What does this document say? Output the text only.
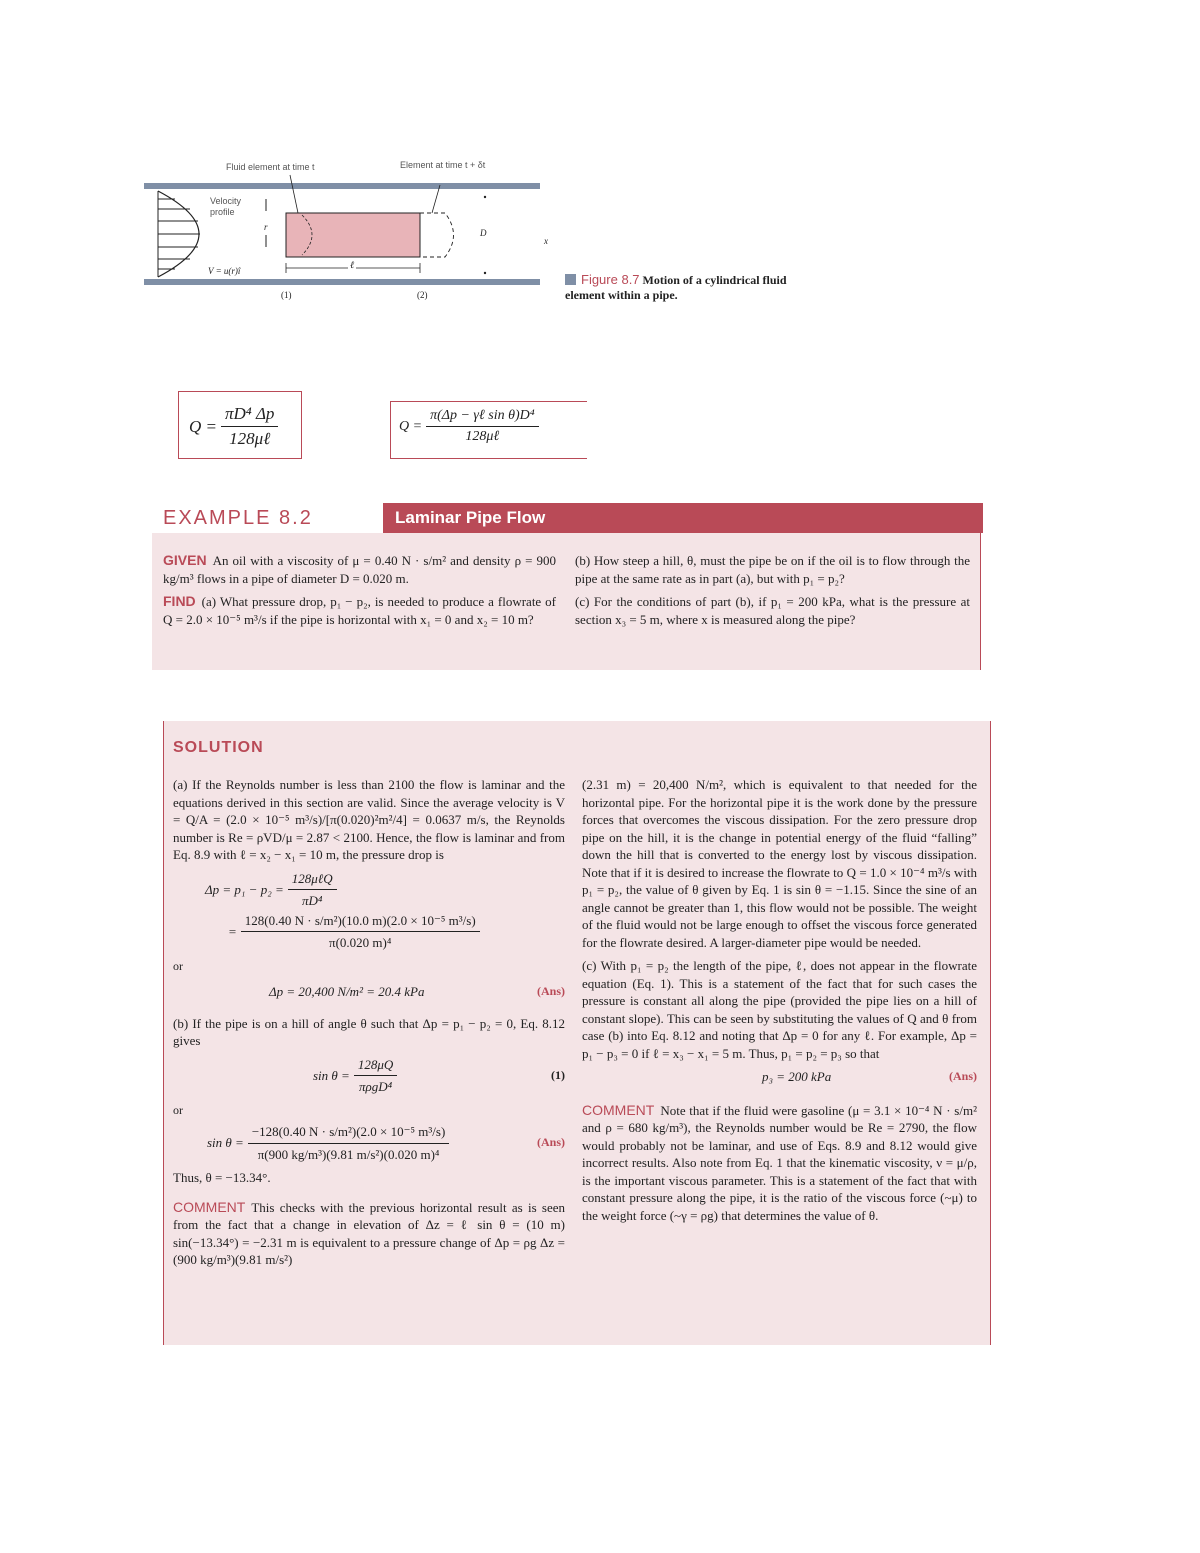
Fluid element at time t	Element at time t + δt
Velocity profile
V = u(r)î
r
D
x
ℓ
(1)	(2)
Figure 8.7 Motion of a cylindrical fluid element within a pipe.
$Q = \frac{\text{πD⁴ Δp}}{\text{128μℓ}}$	$Q = \frac{\text{π(Δp − γℓ sin θ)D⁴}}{\text{128μℓ}}$
EXAMPLE 8.2	Laminar Pipe Flow
GIVEN An oil with a viscosity of μ = 0.40 N · s/m² and density ρ = 900 kg/m³ flows in a pipe of diameter D = 0.020 m.
FIND (a) What pressure drop, p₁ − p₂, is needed to produce a flowrate of Q = 2.0 × 10⁻⁵ m³/s if the pipe is horizontal with x₁ = 0 and x₂ = 10 m?
(b) How steep a hill, θ, must the pipe be on if the oil is to flow through the pipe at the same rate as in part (a), but with p₁ = p₂?
(c) For the conditions of part (b), if p₁ = 200 kPa, what is the pressure at section x₃ = 5 m, where x is measured along the pipe?
SOLUTION
(a) If the Reynolds number is less than 2100 the flow is laminar and the equations derived in this section are valid. Since the average velocity is V = Q/A = (2.0 × 10⁻⁵ m³/s)/[π(0.020)²m²/4] = 0.0637 m/s, the Reynolds number is Re = ρVD/μ = 2.87 < 2100. Hence, the flow is laminar and from Eq. 8.9 with ℓ = x₂ − x₁ = 10 m, the pressure drop is
$\Delta p = p_1 - p_2 = \frac{\text{128μℓQ}}{\text{πD⁴}}$
= $\frac{\text{128(0.40 N · s/m²)(10.0 m)(2.0 × 10⁻⁵ m³/s)}}{\text{π(0.020 m)⁴}}$
or
Δp = 20,400 N/m² = 20.4 kPa	(Ans)
(b) If the pipe is on a hill of angle θ such that Δp = p₁ − p₂ = 0, Eq. 8.12 gives
$\sin \theta = \frac{128\mu Q}{\text{πρgD⁴}}$	(1)
or
$\sin \theta = \frac{\text{−128(0.40 N · s/m²)(2.0 × 10⁻⁵ m³/s)}}{\text{π(900 kg/m³)(9.81 m/s²)(0.020 m)⁴}}$	(Ans)
Thus, θ = −13.34°.
COMMENT This checks with the previous horizontal result as is seen from the fact that a change in elevation of Δz = ℓ sin θ = (10 m) sin(−13.34°) = −2.31 m is equivalent to a pressure change of Δp = ρg Δz = (900 kg/m³)(9.81 m/s²)
(2.31 m) = 20,400 N/m², which is equivalent to that needed for the horizontal pipe. For the horizontal pipe it is the work done by the pressure forces that overcomes the viscous dissipation. For the zero pressure drop pipe on the hill, it is the change in potential energy of the fluid “falling” down the hill that is converted to the energy lost by viscous dissipation. Note that if it is desired to increase the flowrate to Q = 1.0 × 10⁻⁴ m³/s with p₁ = p₂, the value of θ given by Eq. 1 is sin θ = −1.15. Since the sine of an angle cannot be greater than 1, this flow would not be possible. The weight of the fluid would not be large enough to offset the viscous force generated for the flowrate desired. A larger-diameter pipe would be needed.
(c) With p₁ = p₂ the length of the pipe, ℓ, does not appear in the flowrate equation (Eq. 1). This is a statement of the fact that for such cases the pressure is constant all along the pipe (provided the pipe lies on a hill of constant slope). This can be seen by substituting the values of Q and θ from case (b) into Eq. 8.12 and noting that Δp = 0 for any ℓ. For example, Δp = p₁ − p₃ = 0 if ℓ = x₃ − x₁ = 5 m. Thus, p₁ = p₂ = p₃ so that
p₃ = 200 kPa	(Ans)
COMMENT Note that if the fluid were gasoline (μ = 3.1 × 10⁻⁴ N · s/m² and ρ = 680 kg/m³), the Reynolds number would be Re = 2790, the flow would probably not be laminar, and use of Eqs. 8.9 and 8.12 would give incorrect results. Also note from Eq. 1 that the kinematic viscosity, ν = μ/ρ, is the important viscous parameter. This is a statement of the fact that with constant pressure along the pipe, it is the ratio of the viscous force (~μ) to the weight force (~γ = ρg) that determines the value of θ.
